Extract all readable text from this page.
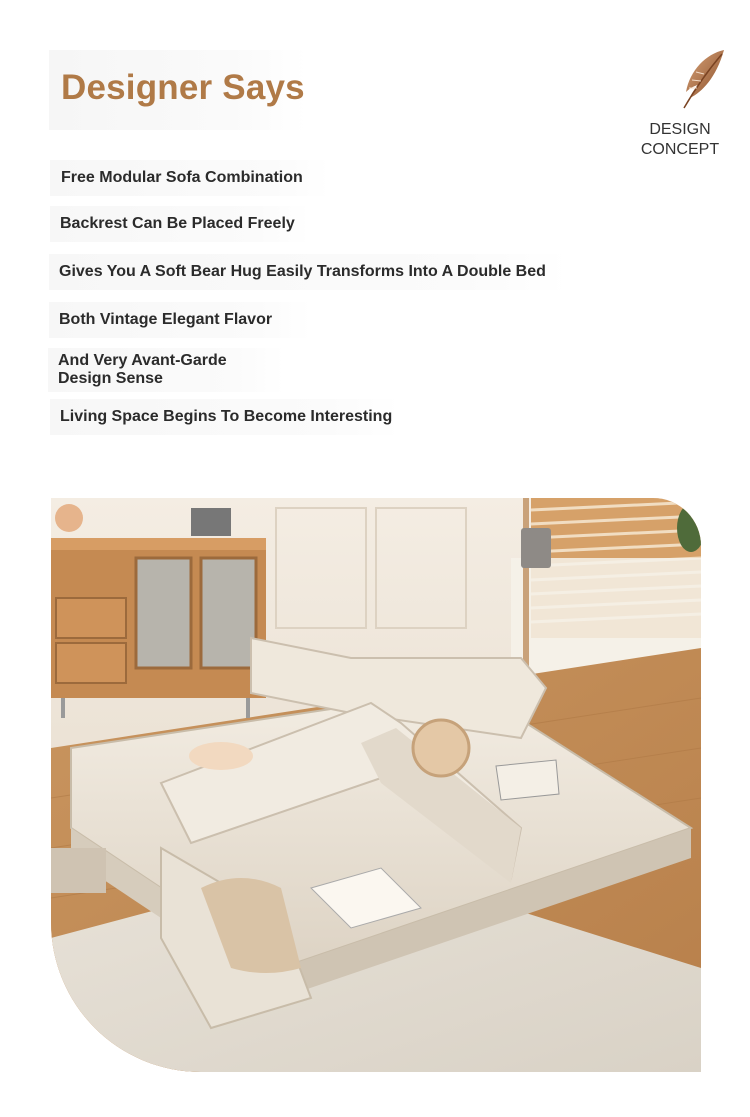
Designer Says
DESIGN
CONCEPT
Free Modular Sofa Combination
Backrest Can Be Placed Freely
Gives You A Soft Bear Hug Easily Transforms Into A Double Bed
Both Vintage Elegant Flavor
And Very Avant-Garde Design Sense
Living Space Begins To Become Interesting
